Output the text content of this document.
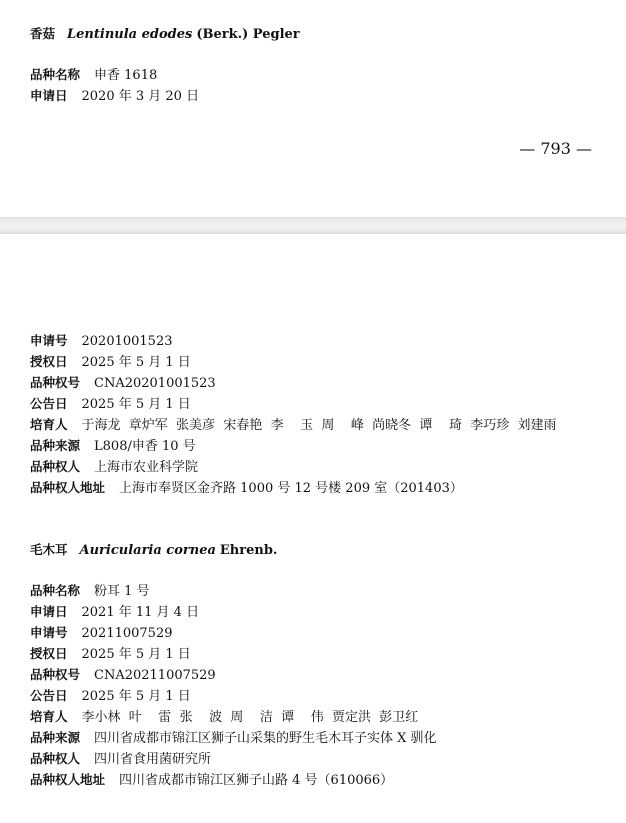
香菇 Lentinula edodes (Berk.) Pegler
品种名称 申香 1618
申请日 2020 年 3 月 20 日
— 793 —
申请号 20201001523
授权日 2025 年 5 月 1 日
品种权号 CNA20201001523
公告日 2025 年 5 月 1 日
培育人 于海龙  章炉军  张美彦  宋春艳  李    玉  周    峰  尚晓冬  谭    琦  李巧珍  刘建雨
品种来源 L808/申香 10 号
品种权人 上海市农业科学院
品种权人地址 上海市奉贤区金齐路 1000 号 12 号楼 209 室（201403）
毛木耳 Auricularia cornea Ehrenb.
品种名称 粉耳 1 号
申请日 2021 年 11 月 4 日
申请号 20211007529
授权日 2025 年 5 月 1 日
品种权号 CNA20211007529
公告日 2025 年 5 月 1 日
培育人 李小林  叶    雷  张    波  周    洁  谭    伟  贾定洪  彭卫红
品种来源 四川省成都市锦江区狮子山采集的野生毛木耳子实体 X 驯化
品种权人 四川省食用菌研究所
品种权人地址 四川省成都市锦江区狮子山路 4 号（610066）
